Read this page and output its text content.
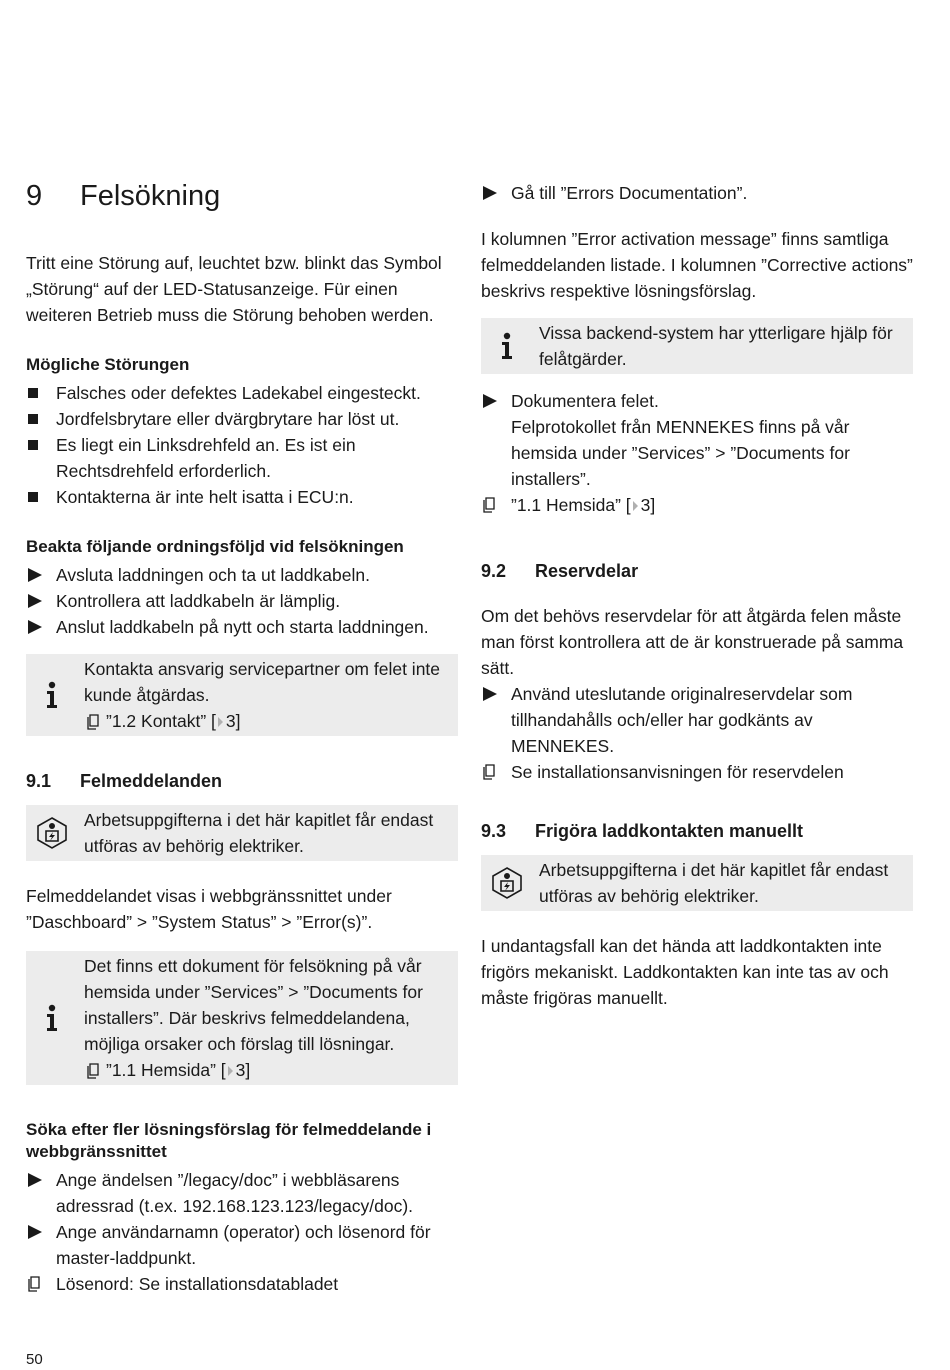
9 Felsökning

Tritt eine Störung auf, leuchtet bzw. blinkt das Symbol „Störung“ auf der LED-Statusanzeige. Für einen weiteren Betrieb muss die Störung behoben werden.

Mögliche Störungen
Falsches oder defektes Ladekabel eingesteckt.
Jordfelsbrytare eller dvärgbrytare har löst ut.
Es liegt ein Linksdrehfeld an. Es ist ein Rechtsdrehfeld erforderlich.
Kontakterna är inte helt isatta i ECU:n.
Beakta följande ordningsföljd vid felsökningen
Avsluta laddningen och ta ut laddkabeln.
Kontrollera att laddkabeln är lämplig.
Anslut laddkabeln på nytt och starta laddningen.
Kontakta ansvarig servicepartner om felet inte kunde åtgärdas.
”1.2 Kontakt” [ 3]
9.1 Felmeddelanden
Arbetsuppgifterna i det här kapitlet får endast utföras av behörig elektriker.

Felmeddelandet visas i webbgränssnittet under ”Daschboard” > ”System Status” > ”Error(s)”.

Det finns ett dokument för felsökning på vår hemsida under ”Services” > ”Documents for installers”. Där beskrivs felmeddelandena, möjliga orsaker och förslag till lösningar.
”1.1 Hemsida” [ 3]
Söka efter fler lösningsförslag för felmeddelande i webbgränssnittet
Ange ändelsen ”/legacy/doc” i webbläsarens adressrad (t.ex. 192.168.123.123/legacy/doc).
Ange användarnamn (operator) och lösenord för master-laddpunkt.
Lösenord: Se installationsdatabladet
Gå till ”Errors Documentation”.

I kolumnen ”Error activation message” finns samtliga felmeddelanden listade. I kolumnen ”Corrective actions” beskrivs respektive lösningsförslag.

Vissa backend-system har ytterligare hjälp för felåtgärder.
Dokumentera felet.
Felprotokollet från MENNEKES finns på vår hemsida under ”Services” > ”Documents for installers”.
”1.1 Hemsida” [ 3]
9.2 Reservdelar

Om det behövs reservdelar för att åtgärda felen måste man först kontrollera att de är konstruerade på samma sätt.

Använd uteslutande originalreservdelar som tillhandahålls och/eller har godkänts av MENNEKES.
Se installationsanvisningen för reservdelen
9.3 Frigöra laddkontakten manuellt
Arbetsuppgifterna i det här kapitlet får endast utföras av behörig elektriker.

I undantagsfall kan det hända att laddkontakten inte frigörs mekaniskt. Laddkontakten kan inte tas av och måste frigöras manuellt.

50
